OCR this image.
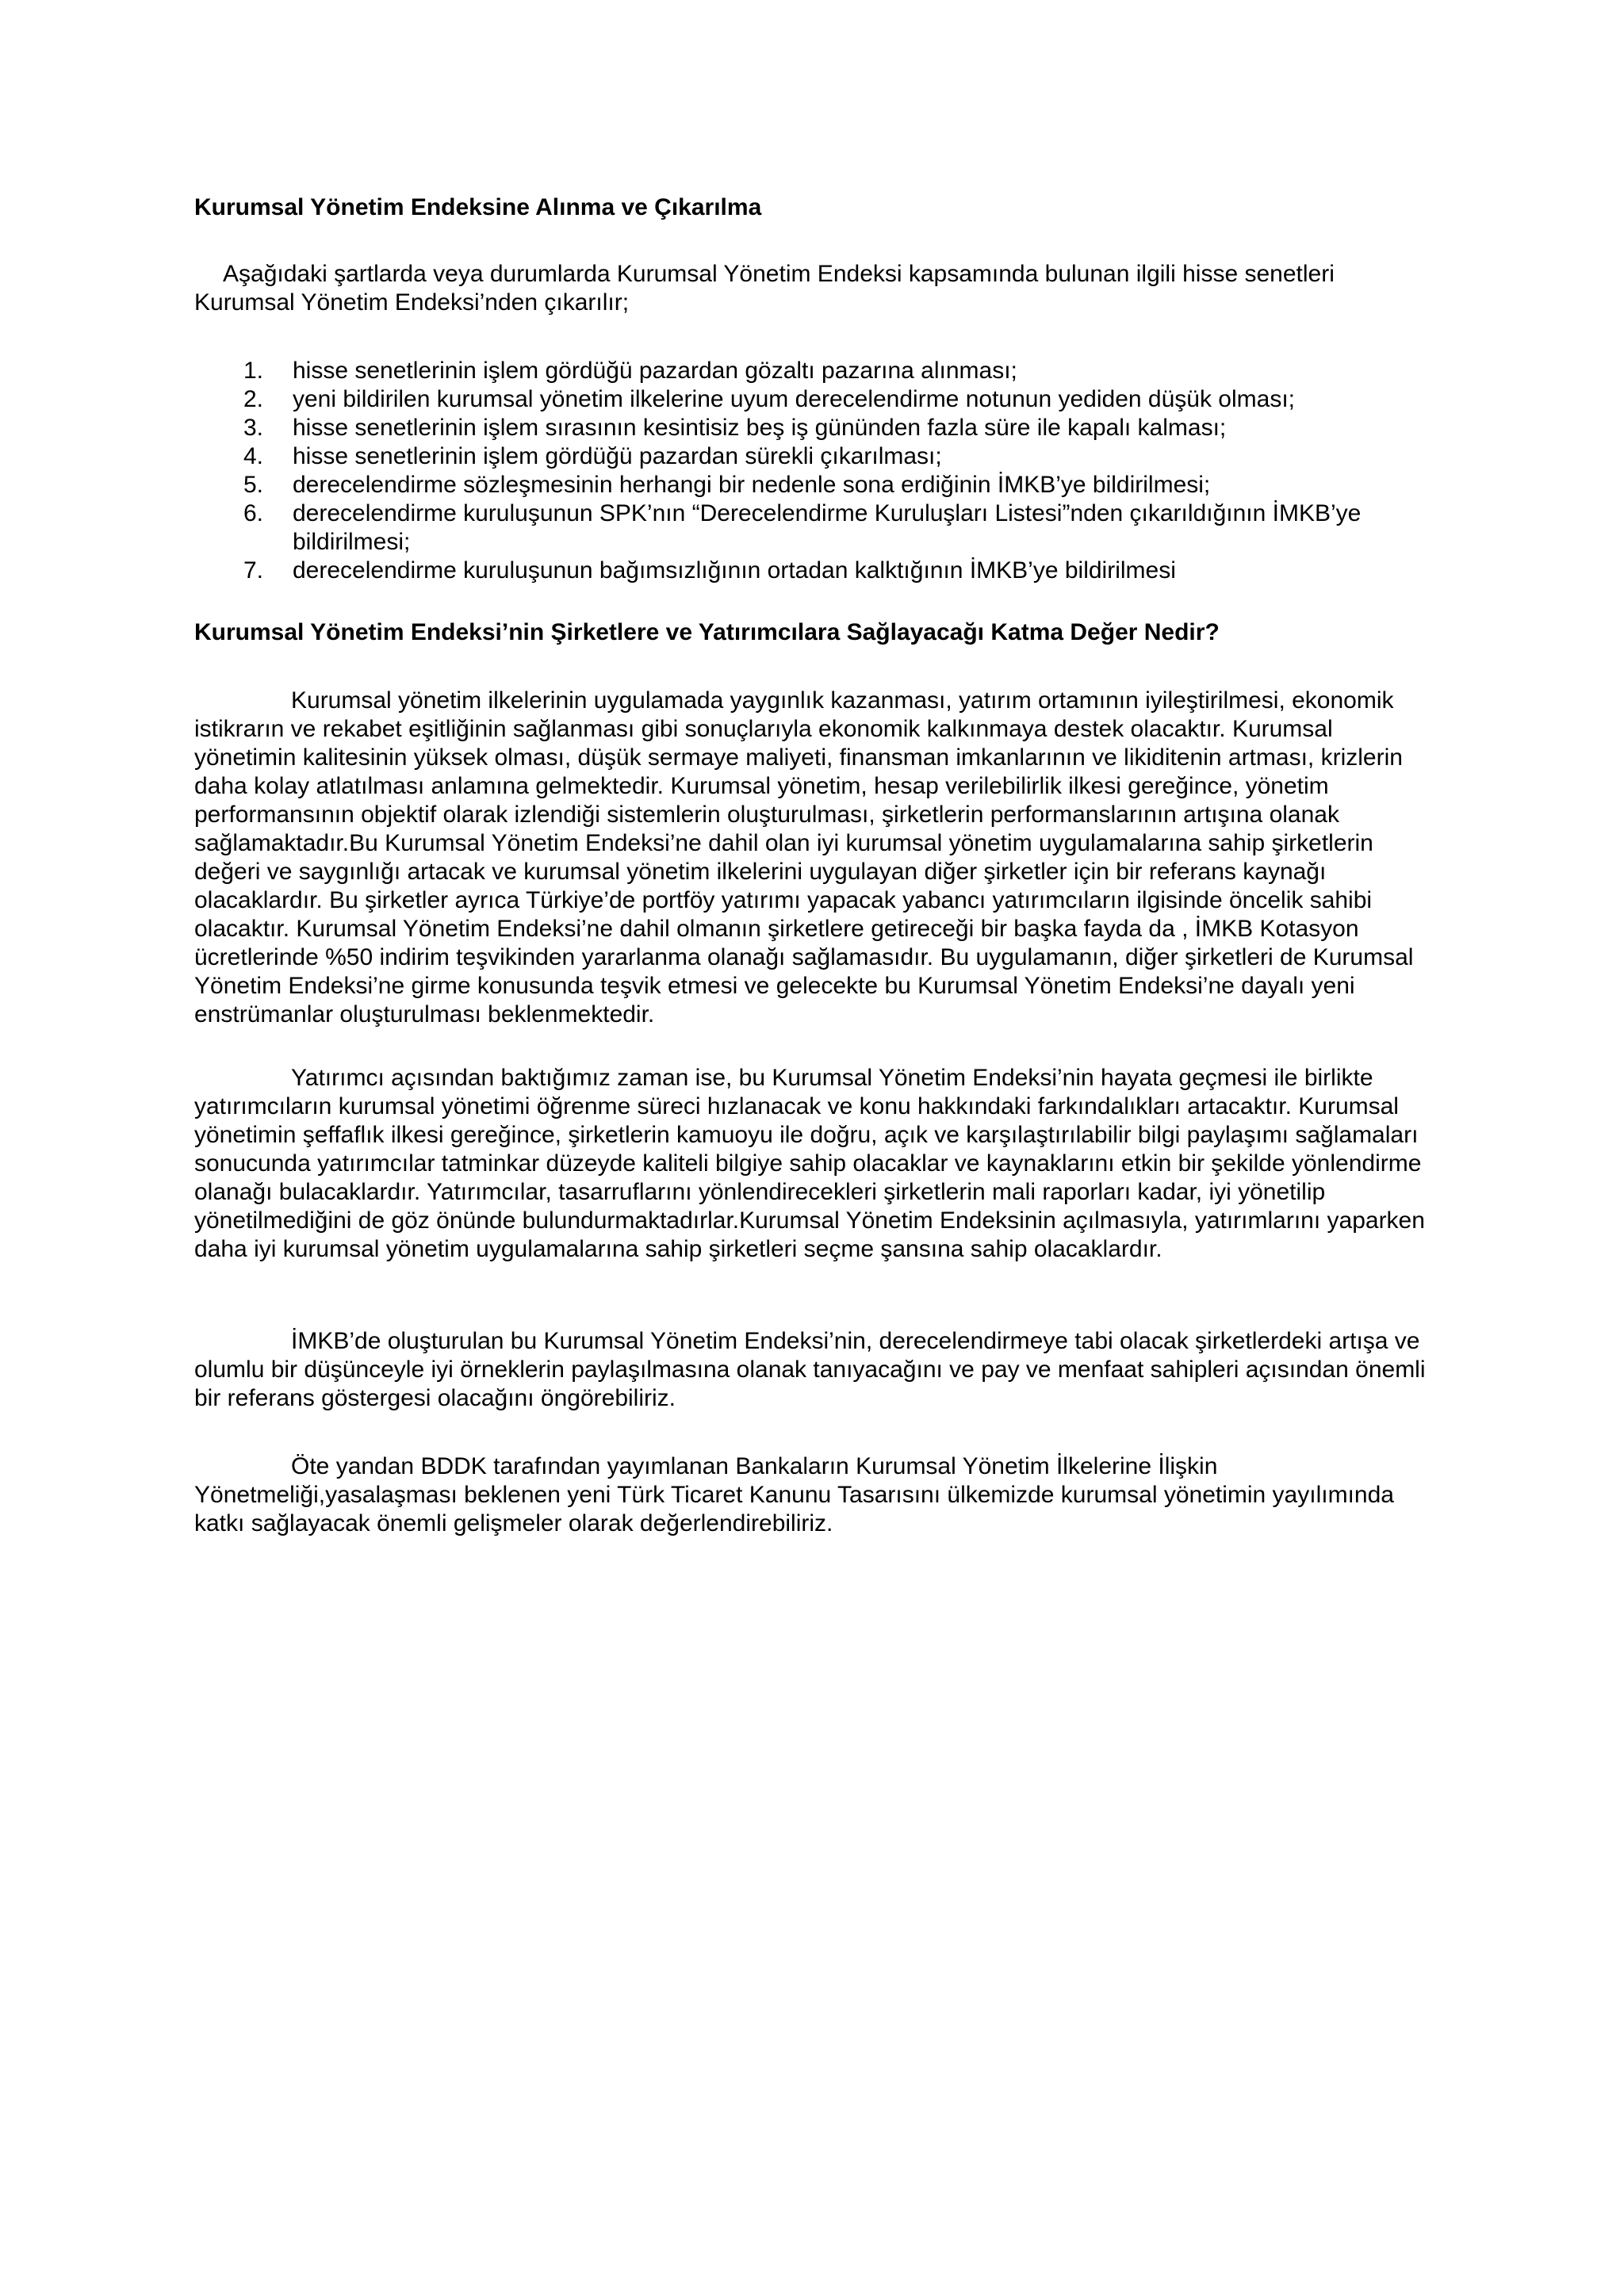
Kurumsal Yönetim Endeksine Alınma ve Çıkarılma

Aşağıdaki şartlarda veya durumlarda Kurumsal Yönetim Endeksi kapsamında bulunan ilgili hisse senetleri Kurumsal Yönetim Endeksi’nden çıkarılır;

1. hisse senetlerinin işlem gördüğü pazardan gözaltı pazarına alınması;
2. yeni bildirilen kurumsal yönetim ilkelerine uyum derecelendirme notunun yediden düşük olması;
3. hisse senetlerinin işlem sırasının kesintisiz beş iş gününden fazla süre ile kapalı kalması;
4. hisse senetlerinin işlem gördüğü pazardan sürekli çıkarılması;
5. derecelendirme sözleşmesinin herhangi bir nedenle sona erdiğinin İMKB’ye bildirilmesi;
6. derecelendirme kuruluşunun SPK’nın “Derecelendirme Kuruluşları Listesi”nden çıkarıldığının İMKB’ye bildirilmesi;
7. derecelendirme kuruluşunun bağımsızlığının ortadan kalktığının İMKB’ye bildirilmesi
Kurumsal Yönetim Endeksi’nin Şirketlere ve Yatırımcılara Sağlayacağı Katma Değer Nedir?

Kurumsal yönetim ilkelerinin uygulamada yaygınlık kazanması, yatırım ortamının iyileştirilmesi, ekonomik istikrarın ve rekabet eşitliğinin sağlanması gibi sonuçlarıyla ekonomik kalkınmaya destek olacaktır. Kurumsal yönetimin kalitesinin yüksek olması, düşük sermaye maliyeti, finansman imkanlarının ve likiditenin artması, krizlerin daha kolay atlatılması anlamına gelmektedir. Kurumsal yönetim, hesap verilebilirlik ilkesi gereğince, yönetim performansının objektif olarak izlendiği sistemlerin oluşturulması, şirketlerin performanslarının artışına olanak sağlamaktadır.Bu Kurumsal Yönetim Endeksi’ne dahil olan iyi kurumsal yönetim uygulamalarına sahip şirketlerin değeri ve saygınlığı artacak ve kurumsal yönetim ilkelerini uygulayan diğer şirketler için bir referans kaynağı olacaklardır. Bu şirketler ayrıca Türkiye’de portföy yatırımı yapacak yabancı yatırımcıların ilgisinde öncelik sahibi olacaktır. Kurumsal Yönetim Endeksi’ne dahil olmanın şirketlere getireceği bir başka fayda da , İMKB Kotasyon ücretlerinde %50 indirim teşvikinden yararlanma olanağı sağlamasıdır. Bu uygulamanın, diğer şirketleri de Kurumsal Yönetim Endeksi’ne girme konusunda teşvik etmesi ve gelecekte bu Kurumsal Yönetim Endeksi’ne dayalı yeni enstrümanlar oluşturulması beklenmektedir.

Yatırımcı açısından baktığımız zaman ise, bu Kurumsal Yönetim Endeksi’nin hayata geçmesi ile birlikte yatırımcıların kurumsal yönetimi öğrenme süreci hızlanacak ve konu hakkındaki farkındalıkları artacaktır. Kurumsal yönetimin şeffaflık ilkesi gereğince, şirketlerin kamuoyu ile doğru, açık ve karşılaştırılabilir bilgi paylaşımı sağlamaları sonucunda yatırımcılar tatminkar düzeyde kaliteli bilgiye sahip olacaklar ve kaynaklarını etkin bir şekilde yönlendirme olanağı bulacaklardır. Yatırımcılar, tasarruflarını yönlendirecekleri şirketlerin mali raporları kadar, iyi yönetilip yönetilmediğini de göz önünde bulundurmaktadırlar.Kurumsal Yönetim Endeksinin açılmasıyla, yatırımlarını yaparken daha iyi kurumsal yönetim uygulamalarına sahip şirketleri seçme şansına sahip olacaklardır.

İMKB’de oluşturulan bu Kurumsal Yönetim Endeksi’nin, derecelendirmeye tabi olacak şirketlerdeki artışa ve olumlu bir düşünceyle iyi örneklerin paylaşılmasına olanak tanıyacağını ve pay ve menfaat sahipleri açısından önemli bir referans göstergesi olacağını öngörebiliriz.

Öte yandan BDDK tarafından yayımlanan Bankaların Kurumsal Yönetim İlkelerine İlişkin Yönetmeliği,yasalaşması beklenen yeni Türk Ticaret Kanunu Tasarısını ülkemizde kurumsal yönetimin yayılımında katkı sağlayacak önemli gelişmeler olarak değerlendirebiliriz.
